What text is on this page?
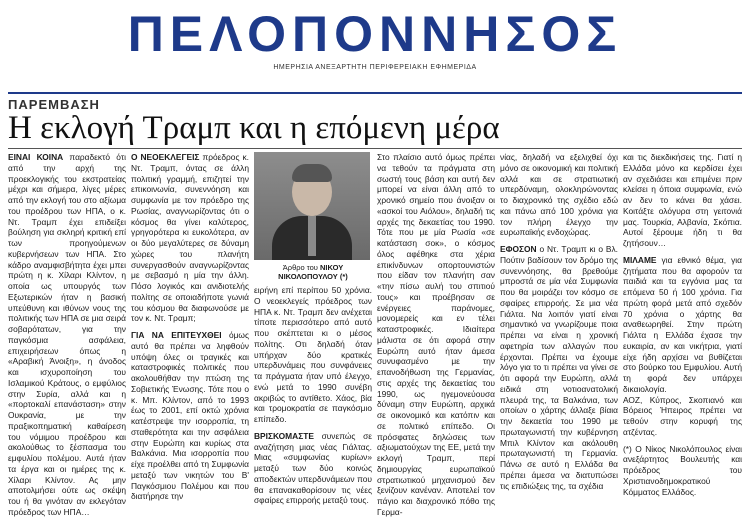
ΠΕΛΟΠΟΝΝΗΣΟΣ
ΗΜΕΡΗΣΙΑ ΑΝΕΞΑΡΤΗΤΗ ΠΕΡΙΦΕΡΕΙΑΚΗ ΕΦΗΜΕΡΙΔΑ
ΠΑΡΕΜΒΑΣΗ
Η εκλογή Τραμπ και η επόμενη μέρα

ΕΙΝΑΙ ΚΟΙΝΑ παραδεκτό ότι από την αρχή της προεκλογικής του εκστρατείας μέχρι και σήμερα, λίγες μέρες από την εκλογή του στο αξίωμα του προέδρου των ΗΠΑ, ο κ. Ντ. Τραμπ έχει επιδείξει βούληση για σκληρή κριτική επί των προηγούμενων κυβερνήσεων των ΗΠΑ. Στο κάδρο αναμφισβήτητα έχει μπει πρώτη η κ. Χίλαρι Κλίντον, η οποία ως υπουργός των Εξωτερικών ήταν η βασική υπεύθυνη και ιθύνων νους της πολιτικής των ΗΠΑ σε μια σειρά σοβαρότατων, για την παγκόσμια ασφάλεια, επιχειρήσεων όπως η «Αραβική Άνοιξη», η άνοδος και ισχυροποίηση του Ισλαμικού Κράτους, ο εμφύλιος στην Συρία, αλλά και η «πορτοκαλί επανάσταση» στην Ουκρανία, με την πραξικοπηματική καθαίρεση του νόμιμου προέδρου και ακολούθως το ξέσπασμα του εμφυλίου πολέμου. Αυτά ήταν τα έργα και οι ημέρες της κ. Χίλαρι Κλίντον. Ας μην αποτολμήσει ούτε ως σκέψη του ή θα γινόταν αν εκλεγόταν πρόεδρος των ΗΠΑ…

Ο ΝΕΟΕΚΛΕΓΕΙΣ πρόεδρος κ. Ντ. Τραμπ, όντας σε άλλη πολιτική γραμμή, επιζητεί την επικοινωνία, συνεννόηση και συμφωνία με τον πρόεδρο της Ρωσίας, αναγνωρίζοντας ότι ο κόσμος θα γίνει καλύτερος, γρηγορότερα κι ευκολότερα, αν οι δύο μεγαλύτερες σε δύναμη χώρες του πλανήτη συνεργασθούν αναγνωρίζοντας με σεβασμό η μία την άλλη. Πόσο λογικός και ανιδιοτελής πολίτης σε οποιαδήποτε γωνιά του κόσμου θα διαφωνούσε με τον κ. Ντ. Τραμπ;

ΓΙΑ ΝΑ ΕΠΙΤΕΥΧΘΕΙ όμως αυτό θα πρέπει να ληφθούν υπόψη όλες οι τραγικές και καταστροφικές πολιτικές που ακολουθήθαν την πτώση της Σοβιετικής Ένωσης. Τότε που ο κ. Μπ. Κλίντον, από το 1993 έως το 2001, επί οκτώ χρόνια κατέστρεψε την ισορροπία, τη σταθερότητα και την ασφάλεια στην Ευρώπη και κυρίως στα Βαλκάνια. Μια ισορροπία που είχε προέλθει από τη Συμφωνία μεταξύ των νικητών του Β' Παγκόσμιου Πολέμου και που διατήρησε την

Άρθρο του ΝΙΚΟΥ ΝΙΚΟΛΟΠΟΥΛΟΥ (*)

ειρήνη επί περίπου 50 χρόνια. Ο νεοεκλεγείς πρόεδρος των ΗΠΑ κ. Ντ. Τραμπ δεν ανέχεται τίποτε περισσότερο από αυτό που σκέπτεται κι ο μέσος πολίτης. Οτι δηλαδή όταν υπήρχαν δύο κρατικές υπερδυνάμεις που συνφάνειες τα πράγματα ήταν υπό έλεγχο, ενώ μετά το 1990 συνέβη ακριβώς το αντίθετο. Χάος, βία και τρομοκρατία σε παγκόσμιο επίπεδο.

ΒΡΙΣΚΟΜΑΣΤΕ συνεπώς σε αναζήτηση μιας νέας Γιάλτας. Μιας «συμφωνίας κυρίων» μεταξύ των δύο κοινώς αποδεκτών υπερδυνάμεων που θα επανακαθορίσουν τις νέες σφαίρες επιρροής μεταξύ τους.

Στο πλαίσιο αυτό όμως πρέπει να τεθούν τα πράγματα στη σωστή τους βάση και αυτή δεν μπορεί να είναι άλλη από το χρονικό σημείο που άνοιξαν οι «ασκοί του Αιόλου», δηλαδή τις αρχές της δεκαετίας του 1990. Τότε που με μία Ρωσία «σε κατάσταση σοκ», ο κόσμος όλος αφέθηκε στα χέρια επικίνδυνων οπορτουνιστών που είδαν τον πλανήτη σαν «την πίσω αυλή του σπιτιού τους» και προέβησαν σε ενέργειες παράνομες, μονομερείς και εν τέλει καταστροφικές. Ιδιαίτερα μάλιστα σε ότι αφορά στην Ευρώπη αυτό ήταν άμεσα συνυφασμένο με την επανοδήθωση της Γερμανίας, στις αρχές της δεκαετίας του 1990, ως ηγεμονεύουσα δύναμη στην Ευρώπη, αρχικά σε οικονομικό και κατόπιν και σε πολιτικό επίπεδο. Οι πρόσφατες δηλώσεις των αξιωματούχων της ΕΕ, μετά την εκλογή Τραμπ, περί δημιουργίας ευρωπαϊκού στρατιωτικού μηχανισμού δεν ξενίζουν κανέναν. Αποτελεί τον πάγιο και διαχρονικό πόθο της Γερμα-

νίας, δηλαδή να εξελιχθεί όχι μόνο σε οικονομική και πολιτική αλλά και σε στρατιωτική υπερδύναμη, ολοκληρώνοντας το διαχρονικό της σχέδιο εδώ και πάνω από 100 χρόνια για τον πλήρη έλεγχο την ευρωπαϊκής ενδοχώρας.

ΕΦΟΣΟΝ ο Ντ. Τραμπ κι ο Βλ. Πούτιν βαδίσουν τον δρόμο της συνεννόησης, θα βρεθούμε μπροστά σε μία νέα Συμφωνία που θα μοιράζει τον κόσμο σε σφαίρες επιρροής. Σε μια νέα Γιάλτα. Να λοιπόν γιατί είναι σημαντικό να γνωρίζουμε ποια πρέπει να είναι η χρονική αφετηρία των αλλαγών που έρχονται. Πρέπει να έχουμε λόγο για το τι πρέπει να γίνει σε ότι αφορά την Ευρώπη, αλλά ειδικά στη νοτιοανατολική πλευρά της, τα Βαλκάνια, των οποίων ο χάρτης άλλαξε βίαια την δεκαετία του 1990 με πρωταγωνιστή την κυβέρνηση Μπιλ Κλίντον και ακόλουθη πρωταγωνιστή τη Γερμανία. Πάνω σε αυτό η Ελλάδα θα πρέπει άμεσα να διατυπώσει τις επιδιώξεις της, τα σχέδια

και τις διεκδικήσεις της. Γιατί η Ελλάδα μόνο κα κερδίσει έχει αν σχεδιάσει και επιμένει πριν κλείσει η όποια συμφωνία, ενώ αν δεν το κάνει θα χάσει. Κοιτάξτε ολόγυρα στη γειτονιά μας. Τουρκία, Αλβανία, Σκόπια. Αυτοί ξέρουμε ήδη τι θα ζητήσουν…

ΜΙΛΑΜΕ για εθνικό θέμα, για ζητήματα που θα αφορούν τα παιδιά και τα εγγόνια μας τα επόμενα 50 ή 100 χρόνια. Για πρώτη φορά μετά από σχεδόν 70 χρόνια ο χάρτης θα αναθεωρηθεί. Στην πρώτη Γιάλτα η Ελλάδα έχασε την ευκαιρία, αν και νικήτρια, γιατί είχε ήδη αρχίσει να βυθίζεται στο βούρκο του Εμφυλίου. Αυτή τη φορά δεν υπάρχει δικαιολογία.

ΑΟΖ, Κύπρος, Σκοπιανό και Βόρειος Ήπειρος πρέπει να τεθούν στην κορυφή της ατζέντας.

(*) Ο Νίκος Νικολόπουλος είναι ανεξάρτητος Βουλευτής και πρόεδρος του Χριστιανοδημοκρατικού Κόμματος Ελλάδος.
